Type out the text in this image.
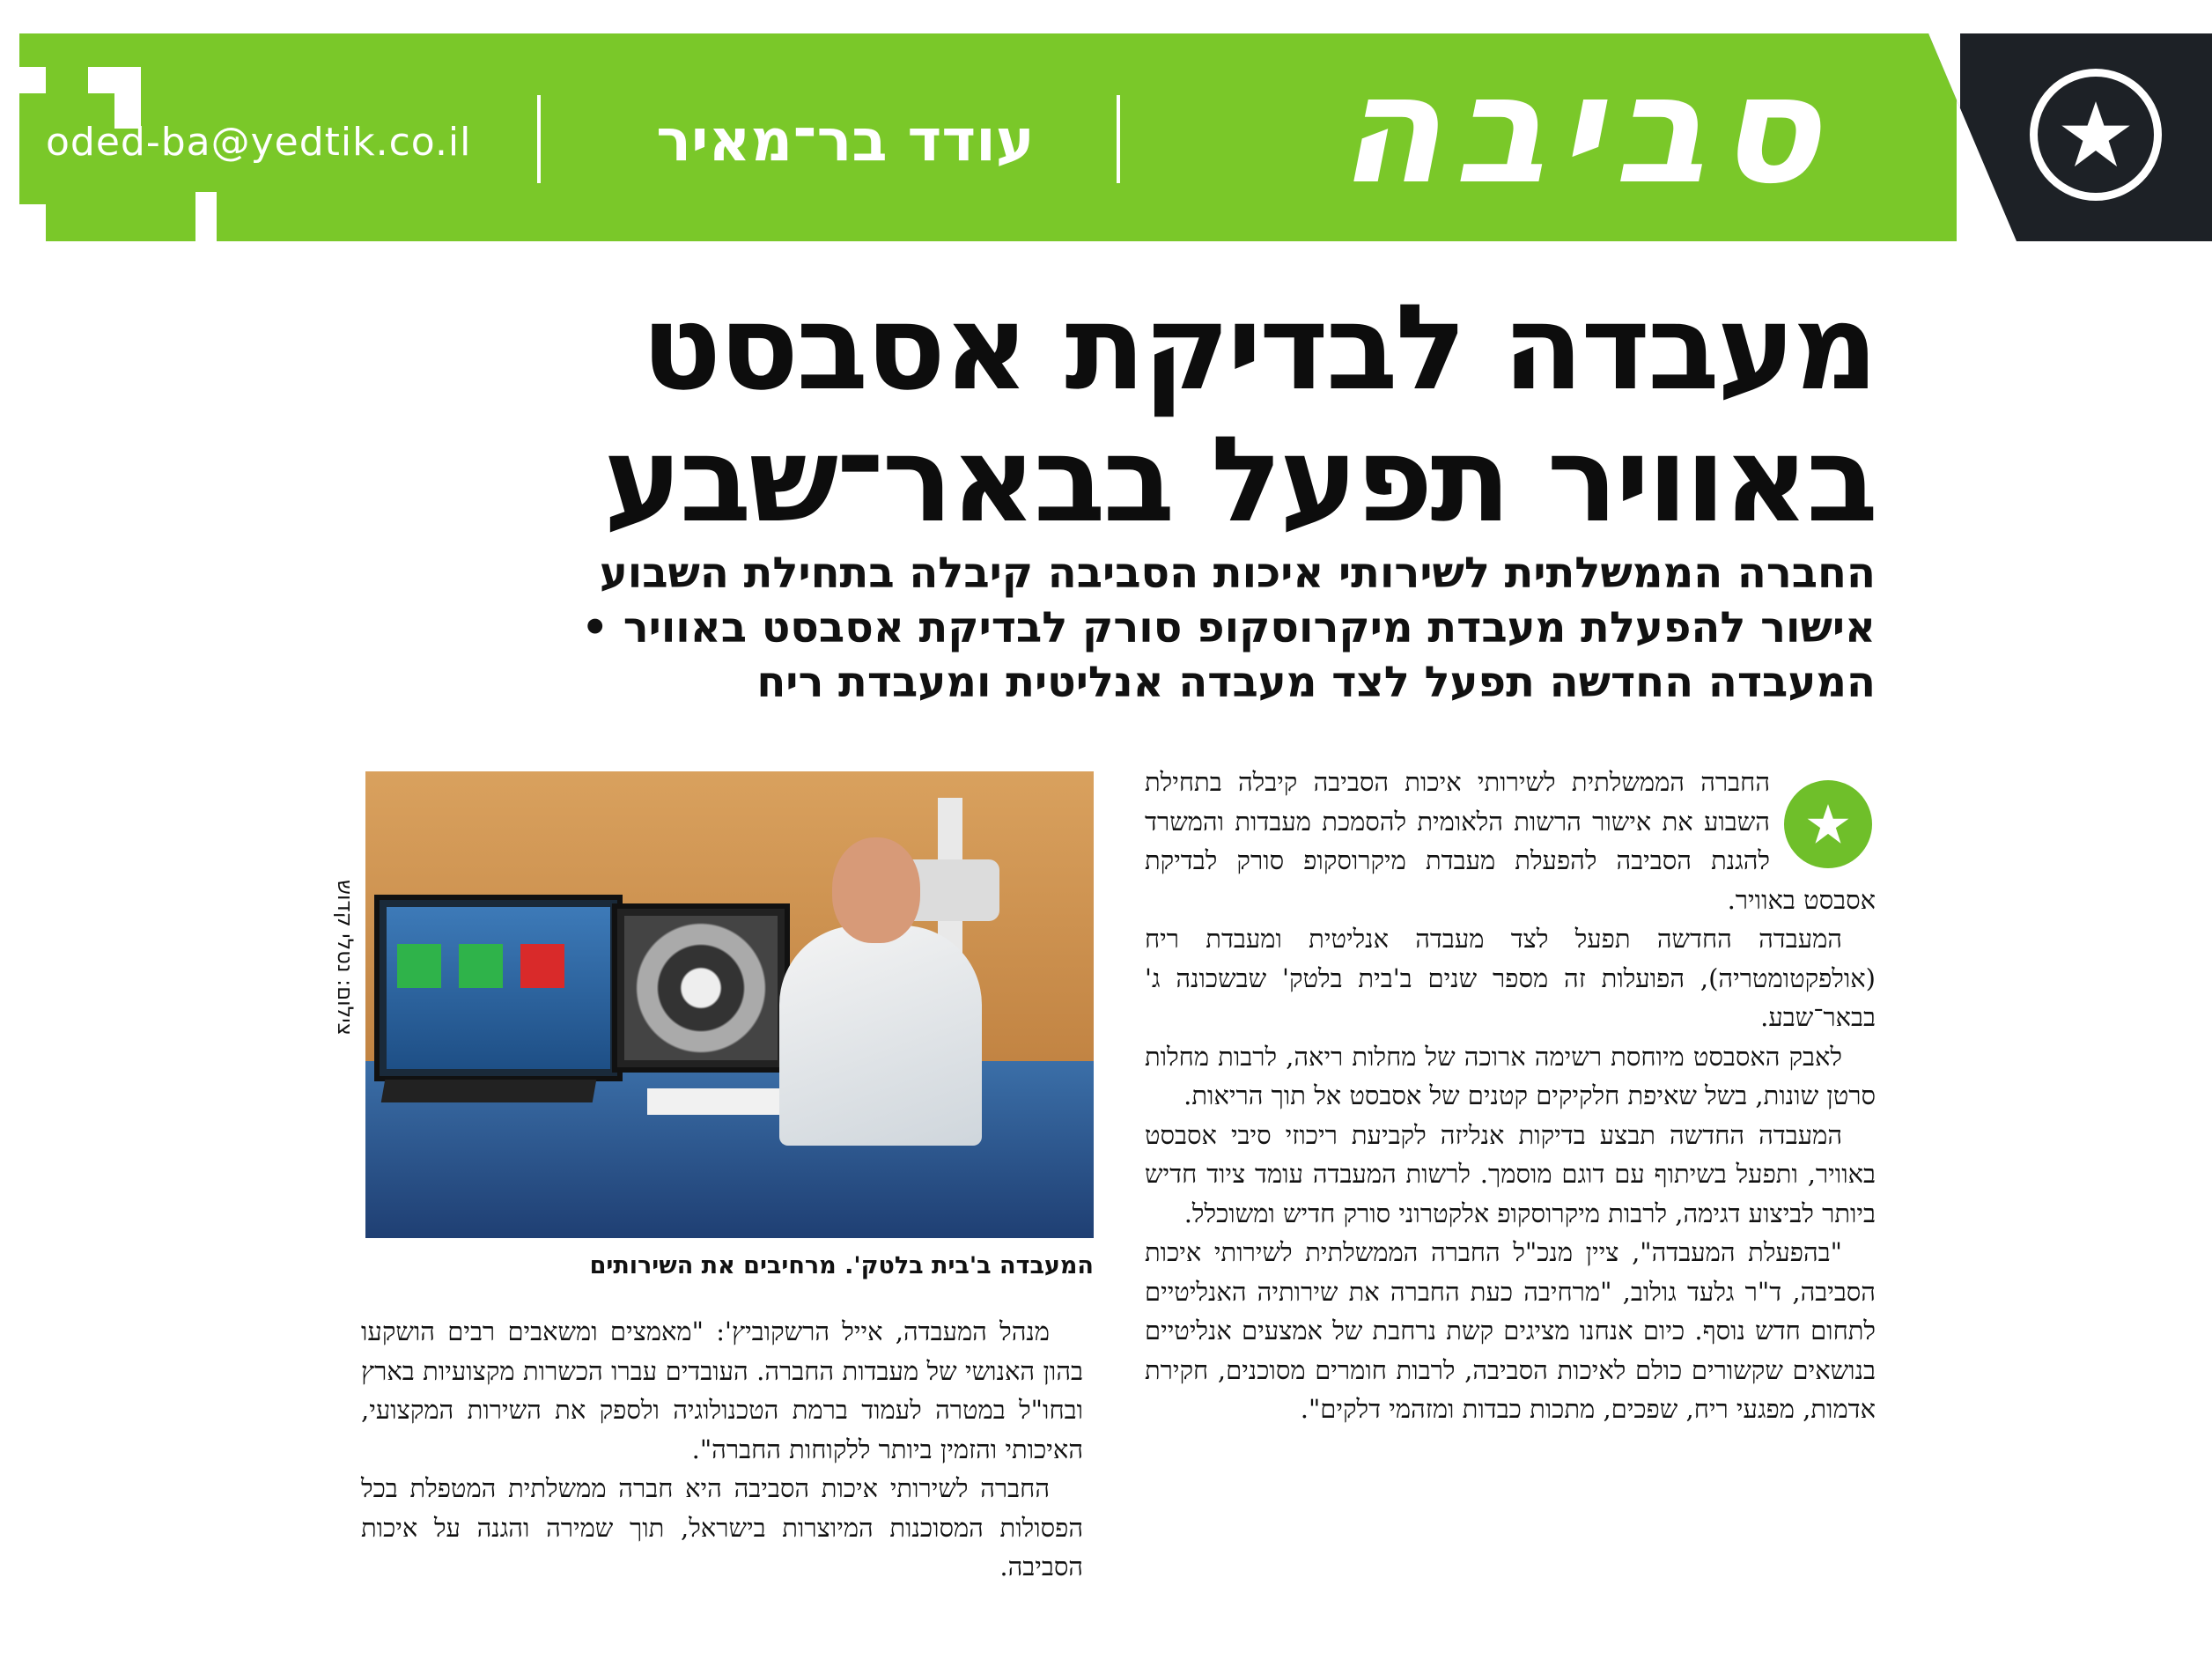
סביבה
עודד בר־מאיר
oded-ba@yedtik.co.il
מעבדה לבדיקת אסבסט
באוויר תפעל בבאר־שבע
החברה הממשלתית לשירותי איכות הסביבה קיבלה בתחילת השבוע
אישור להפעלת מעבדת מיקרוסקופ סורק לבדיקת אסבסט באוויר •
המעבדה החדשה תפעל לצד מעבדה אנליטית ומעבדת ריח

החברה הממשלתית לשירותי איכות הסביבה קיבלה בתחילת השבוע את אישור הרשות הלאומית להסמכת מעבדות והמשרד להגנת הסביבה להפעלת מעבדת מיקרוסקופ סורק לבדיקת אסבסט באוויר.

המעבדה החדשה תפעל לצד מעבדה אנליטית ומעבדת ריח (אולפקטומטריה), הפועלות זה מספר שנים ב'בית בלטק' שבשכונה ג' בבאר־שבע.

לאבק האסבסט מיוחסת רשימה ארוכה של מחלות ריאה, לרבות מחלות סרטן שונות, בשל שאיפת חלקיקים קטנים של אסבסט אל תוך הריאות.

המעבדה החדשה תבצע בדיקות אנליזה לקביעת ריכוזי סיבי אסבסט באוויר, ותפעל בשיתוף עם דוגם מוסמך. לרשות המעבדה עומד ציוד חדיש ביותר לביצוע דגימה, לרבות מיקרוסקופ אלקטרוני סורק חדיש ומשוכלל.

"בהפעלת המעבדה", ציין מנכ"ל החברה הממשלתית לשירותי איכות הסביבה, ד"ר גלעד גולוב, "מרחיבה כעת החברה את שירותיה האנליטיים לתחום חדש נוסף. כיום אנחנו מציגים קשת נרחבת של אמצעים אנליטיים בנושאים שקשורים כולם לאיכות הסביבה, לרבות חומרים מסוכנים, חקירת אדמות, מפגעי ריח, שפכים, מתכות כבדות ומזהמי דלקים".

צילום: נטלי קדוש
המעבדה ב'בית בלטק'. מרחיבים את השירותים

מנהל המעבדה, אייל הרשקוביץ': "מאמצים ומשאבים רבים הושקעו בהון האנושי של מעבדות החברה. העובדים עברו הכשרות מקצועיות בארץ ובחו"ל במטרה לעמוד ברמת הטכנולוגיה ולספק את השירות המקצועי, האיכותי והזמין ביותר ללקוחות החברה".

החברה לשירותי איכות הסביבה היא חברה ממשלתית המטפלת בכל הפסולות המסוכנות המיוצרות בישראל, תוך שמירה והגנה על איכות הסביבה.
